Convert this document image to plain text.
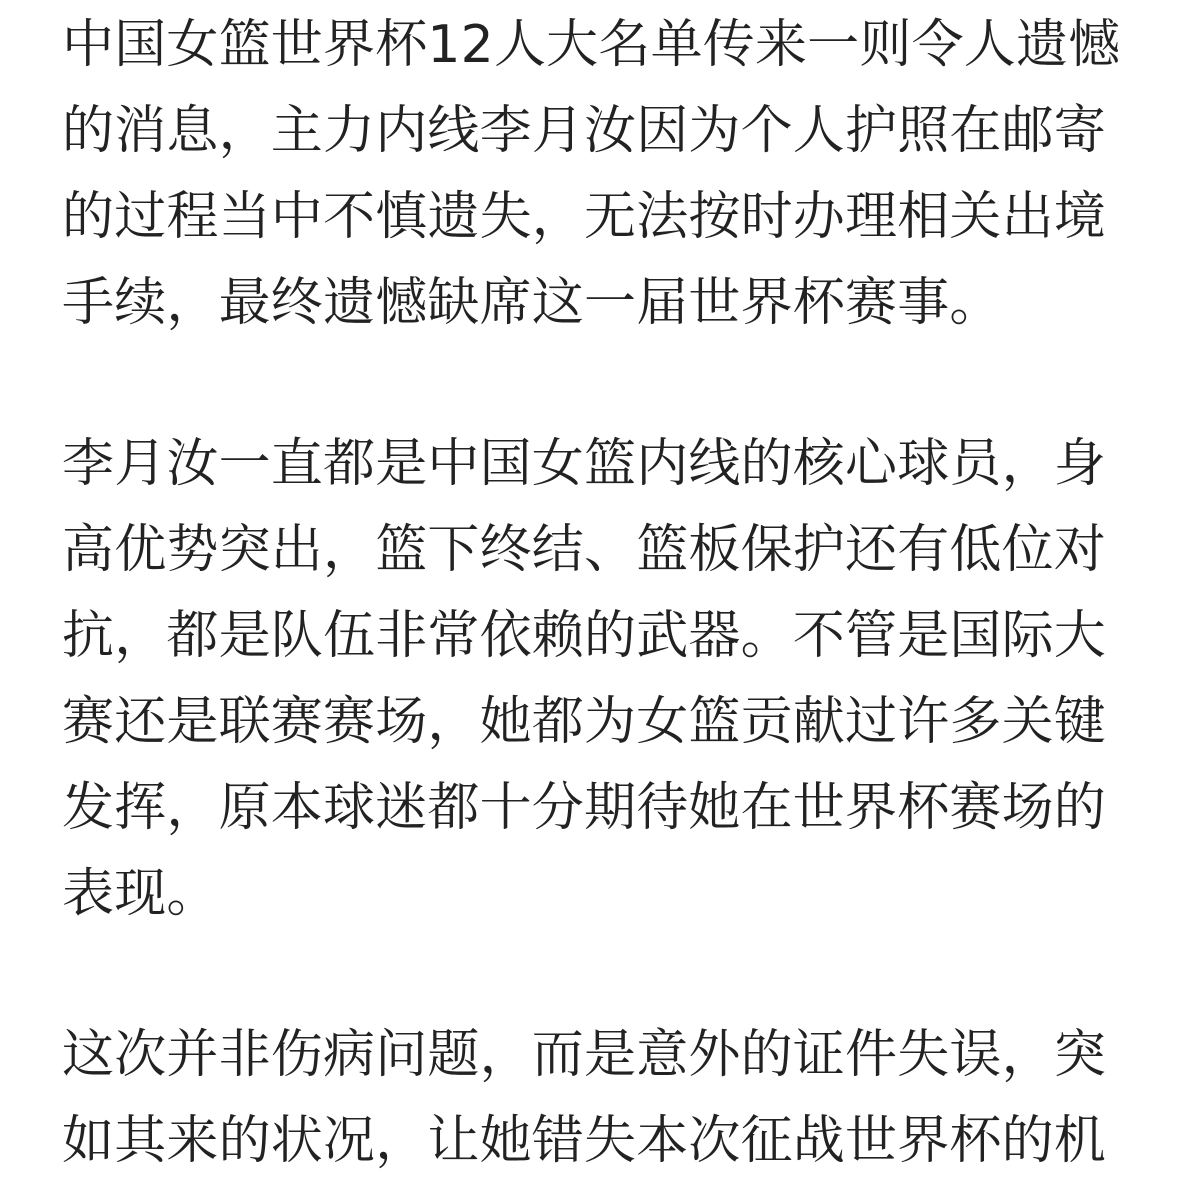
中国女篮世界杯12人大名单传来一则令人遗憾
的消息，主力内线李月汝因为个人护照在邮寄
的过程当中不慎遗失，无法按时办理相关出境
手续，最终遗憾缺席这一届世界杯赛事。

李月汝一直都是中国女篮内线的核心球员，身
高优势突出，篮下终结、篮板保护还有低位对
抗，都是队伍非常依赖的武器。不管是国际大
赛还是联赛赛场，她都为女篮贡献过许多关键
发挥，原本球迷都十分期待她在世界杯赛场的
表现。

这次并非伤病问题，而是意外的证件失误，突
如其来的状况，让她错失本次征战世界杯的机
